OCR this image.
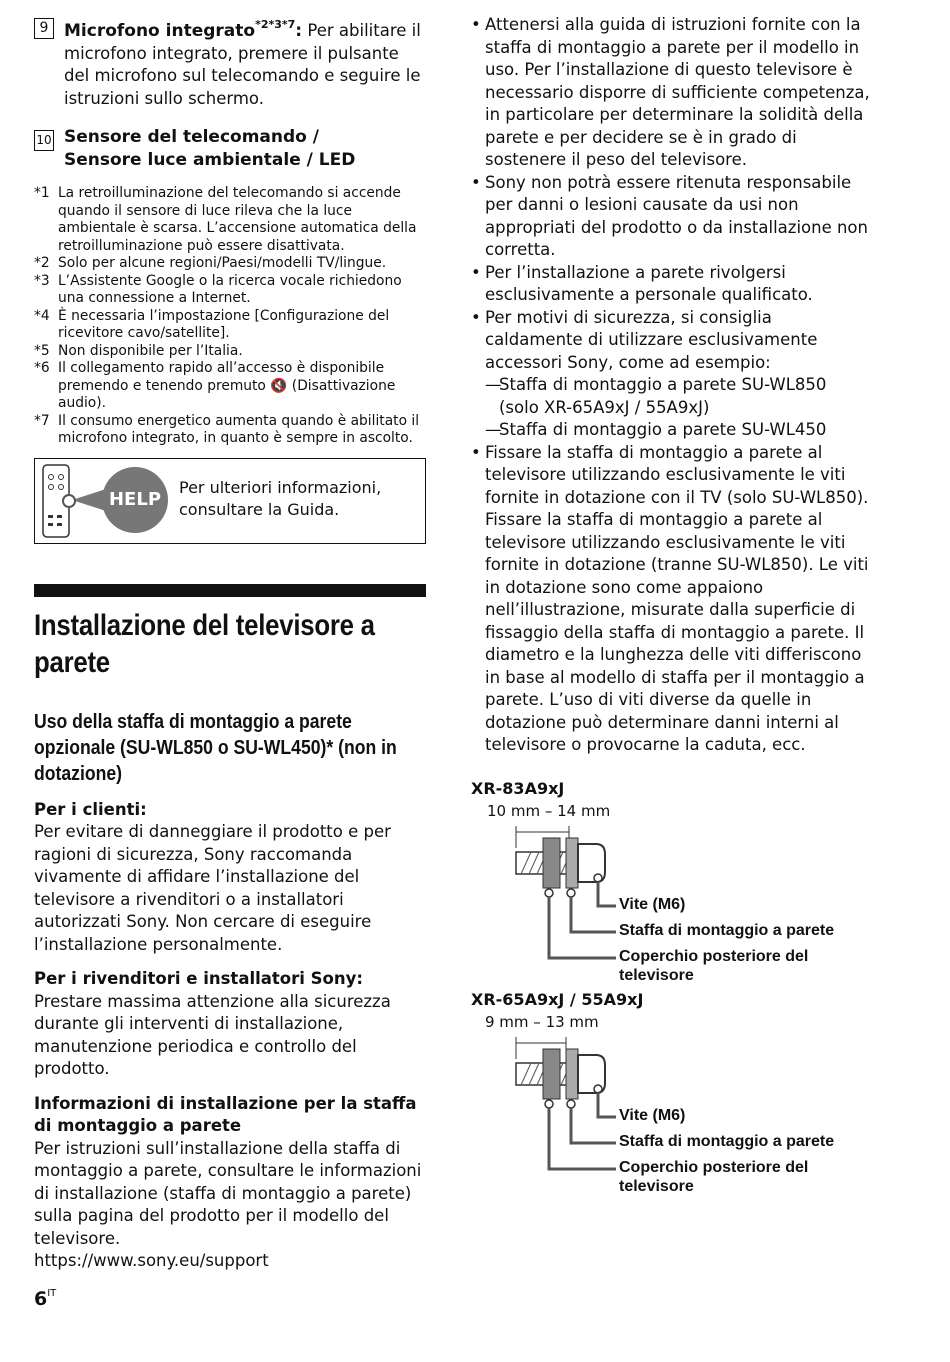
9 Microfono integrato$^{*2*3*7}$: Per abilitare il microfono integrato, premere il pulsante del microfono sul telecomando e seguire le istruzioni sullo schermo.
10 Sensore del telecomando / Sensore luce ambientale / LED
*1 La retroilluminazione del telecomando si accende quando il sensore di luce rileva che la luce ambientale è scarsa. L’accensione automatica della retroilluminazione può essere disattivata.
*2 Solo per alcune regioni/Paesi/modelli TV/lingue.
*3 L’Assistente Google o la ricerca vocale richiedono una connessione a Internet.
*4 È necessaria l’impostazione [Configurazione del ricevitore cavo/satellite].
*5 Non disponibile per l’Italia.
*6 Il collegamento rapido all’accesso è disponibile premendo e tenendo premuto 🔇 (Disattivazione audio).
*7 Il consumo energetico aumenta quando è abilitato il microfono integrato, in quanto è sempre in ascolto.
HELP
Per ulteriori informazioni, consultare la Guida.
Installazione del televisore a parete
Uso della staffa di montaggio a parete opzionale (SU-WL850 o SU-WL450)* (non in dotazione)
Per i clienti:
Per evitare di danneggiare il prodotto e per ragioni di sicurezza, Sony raccomanda vivamente di affidare l’installazione del televisore a rivenditori o a installatori autorizzati Sony. Non cercare di eseguire l’installazione personalmente.
Per i rivenditori e installatori Sony:
Prestare massima attenzione alla sicurezza durante gli interventi di installazione, manutenzione periodica e controllo del prodotto.
Informazioni di installazione per la staffa di montaggio a parete
Per istruzioni sull’installazione della staffa di montaggio a parete, consultare le informazioni di installazione (staffa di montaggio a parete) sulla pagina del prodotto per il modello del televisore.
https://www.sony.eu/support
• Attenersi alla guida di istruzioni fornite con la staffa di montaggio a parete per il modello in uso. Per l’installazione di questo televisore è necessario disporre di sufficiente competenza, in particolare per determinare la solidità della parete e per decidere se è in grado di sostenere il peso del televisore.
• Sony non potrà essere ritenuta responsabile per danni o lesioni causate da usi non appropriati del prodotto o da installazione non corretta.
• Per l’installazione a parete rivolgersi esclusivamente a personale qualificato.
• Per motivi di sicurezza, si consiglia caldamente di utilizzare esclusivamente accessori Sony, come ad esempio:
—
Staffa di montaggio a parete SU-WL850 (solo XR-65A9xJ / 55A9xJ)
—
Staffa di montaggio a parete SU-WL450
• Fissare la staffa di montaggio a parete al televisore utilizzando esclusivamente le viti fornite in dotazione con il TV (solo SU-WL850). Fissare la staffa di montaggio a parete al televisore utilizzando esclusivamente le viti fornite in dotazione (tranne SU-WL850). Le viti in dotazione sono come appaiono nell’illustrazione, misurate dalla superficie di fissaggio della staffa di montaggio a parete. Il diametro e la lunghezza delle viti differiscono in base al modello di staffa per il montaggio a parete. L’uso di viti diverse da quelle in dotazione può determinare danni interni al televisore o provocarne la caduta, ecc.
XR-83A9xJ
10 mm – 14 mm
Vite (M6)
Staffa di montaggio a parete
Coperchio posteriore del televisore
XR-65A9xJ / 55A9xJ
9 mm – 13 mm
Vite (M6)
Staffa di montaggio a parete
Coperchio posteriore del televisore
$6^{IT}$
